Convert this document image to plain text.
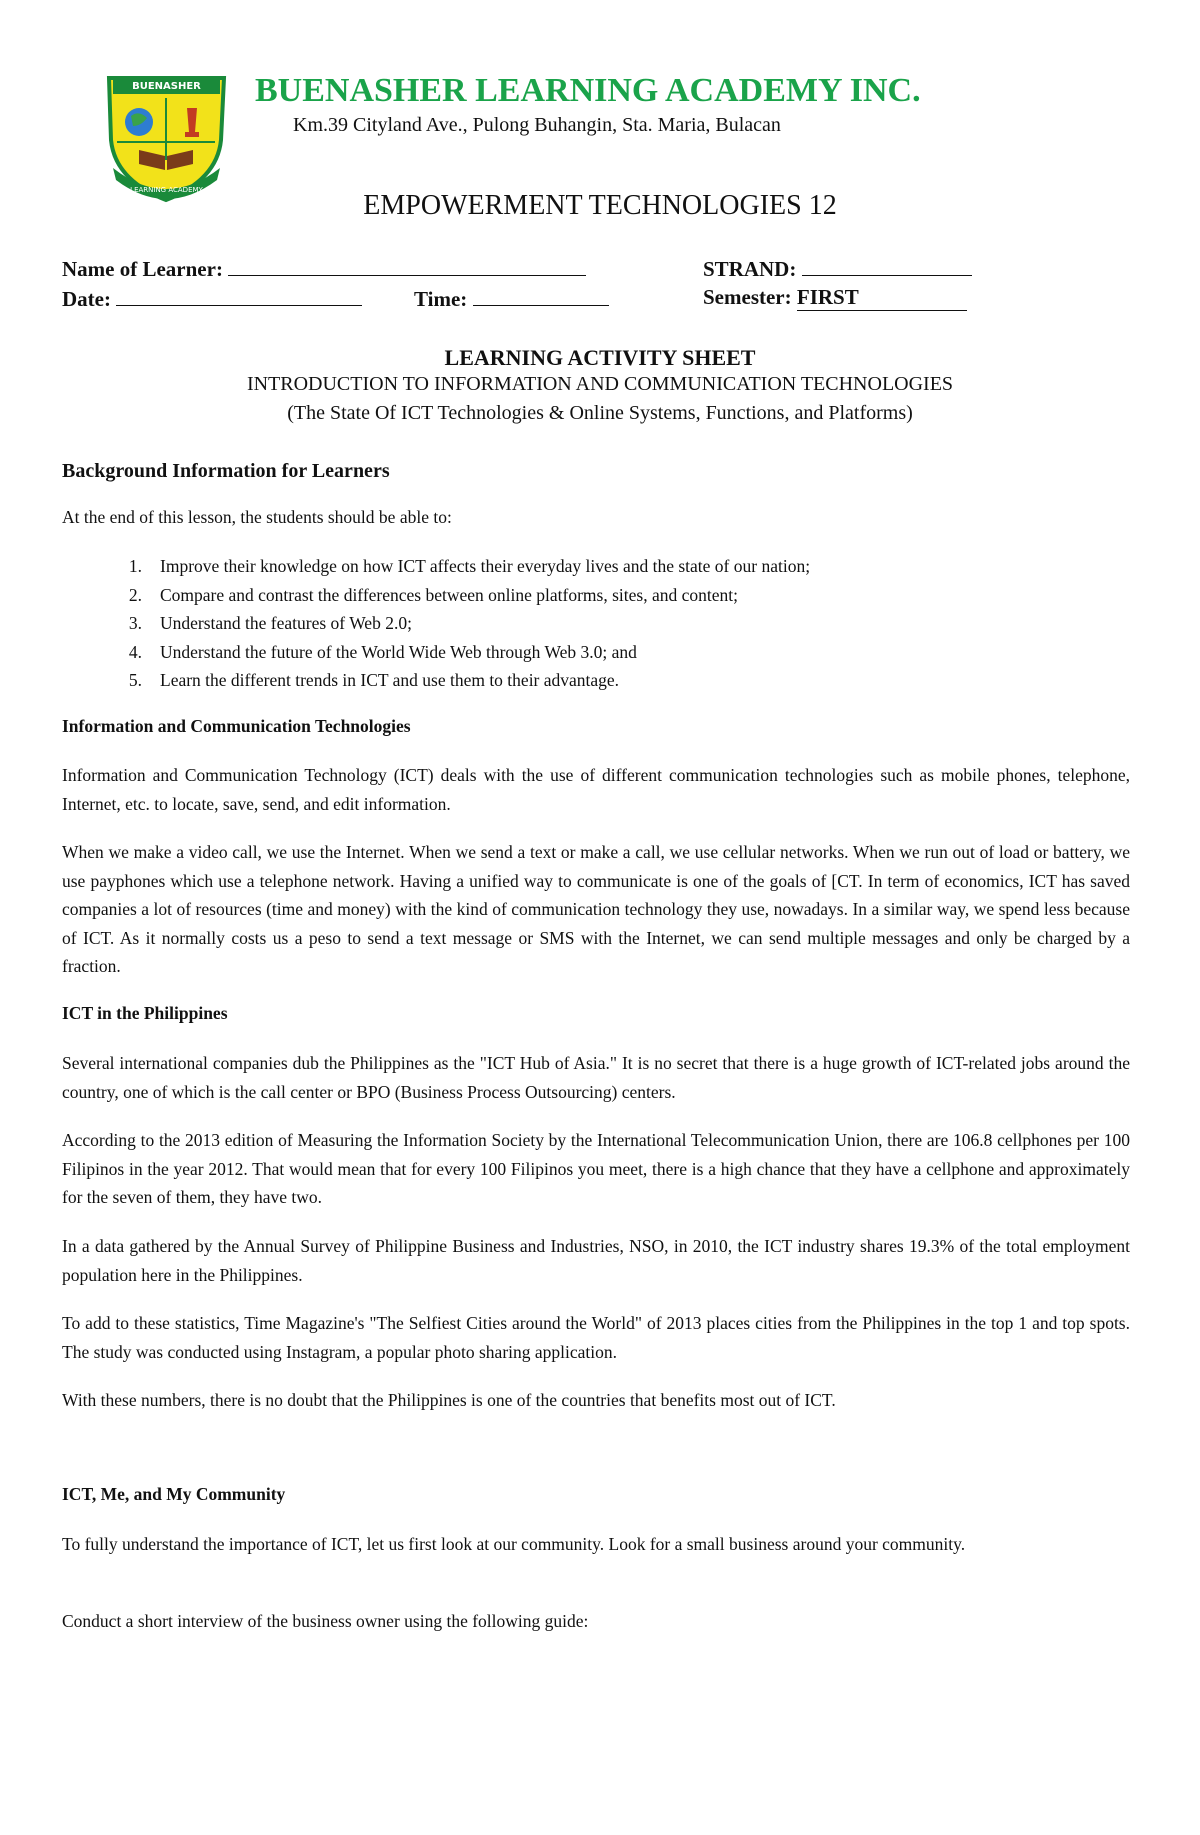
BUENASHER
LEARNING ACADEMY
BUENASHER LEARNING ACADEMY INC.
Km.39 Cityland Ave., Pulong Buhangin, Sta. Maria, Bulacan
EMPOWERMENT TECHNOLOGIES 12
Name of Learner:	STRAND:
Date:	Time:	Semester: FIRST
LEARNING ACTIVITY SHEET
INTRODUCTION TO INFORMATION AND COMMUNICATION TECHNOLOGIES
(The State Of ICT Technologies & Online Systems, Functions, and Platforms)
Background Information for Learners
At the end of this lesson, the students should be able to:
1.	Improve their knowledge on how ICT affects their everyday lives and the state of our nation;
2.	Compare and contrast the differences between online platforms, sites, and content;
3.	Understand the features of Web 2.0;
4.	Understand the future of the World Wide Web through Web 3.0; and
5.	Learn the different trends in ICT and use them to their advantage.
Information and Communication Technologies
Information and Communication Technology (ICT) deals with the use of different communication technologies such as mobile phones, telephone, Internet, etc. to locate, save, send, and edit information.
When we make a video call, we use the Internet. When we send a text or make a call, we use cellular networks. When we run out of load or battery, we use payphones which use a telephone network. Having a unified way to communicate is one of the goals of [CT. In term of economics, ICT has saved companies a lot of resources (time and money) with the kind of communication technology they use, nowadays. In a similar way, we spend less because of ICT. As it normally costs us a peso to send a text message or SMS with the Internet, we can send multiple messages and only be charged by a fraction.
ICT in the Philippines
Several international companies dub the Philippines as the "ICT Hub of Asia." It is no secret that there is a huge growth of ICT-related jobs around the country, one of which is the call center or BPO (Business Process Outsourcing) centers.
According to the 2013 edition of Measuring the Information Society by the International Telecommunication Union, there are 106.8 cellphones per 100 Filipinos in the year 2012. That would mean that for every 100 Filipinos you meet, there is a high chance that they have a cellphone and approximately for the seven of them, they have two.
In a data gathered by the Annual Survey of Philippine Business and Industries, NSO, in 2010, the ICT industry shares 19.3% of the total employment population here in the Philippines.
To add to these statistics, Time Magazine's "The Selfiest Cities around the World" of 2013 places cities from the Philippines in the top 1 and top spots. The study was conducted using Instagram, a popular photo sharing application.
With these numbers, there is no doubt that the Philippines is one of the countries that benefits most out of ICT.
ICT, Me, and My Community
To fully understand the importance of ICT, let us first look at our community. Look for a small business around your community.
Conduct a short interview of the business owner using the following guide:
